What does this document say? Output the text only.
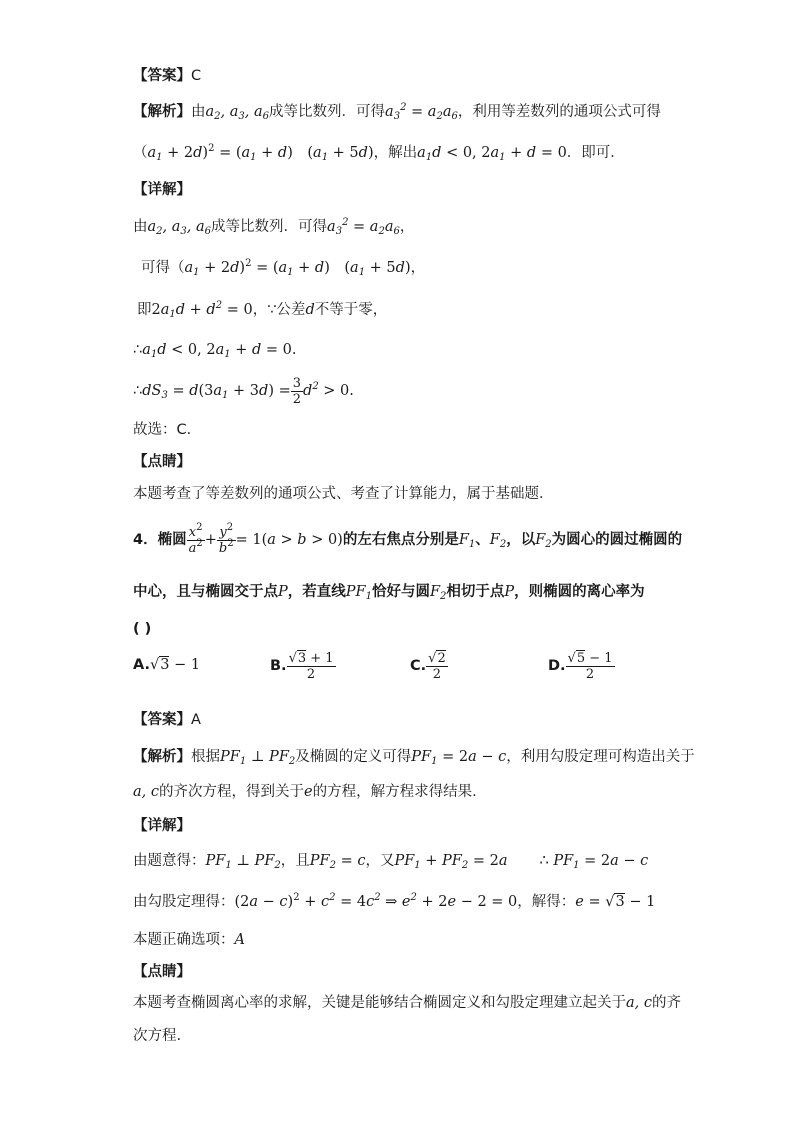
【答案】C
【解析】由$a_2$, $a_3$, $a_6$成等比数列．可得$a_3^2 = a_2a_6$，利用等差数列的通项公式可得
$(a_1 + 2d)^2 = (a_1 + d)$　$(a_1 + 5d)$，解出$a_1d < 0$, $2a_1 + d = 0$．即可．
【详解】
由$a_2$, $a_3$, $a_6$成等比数列．可得$a_3^2 = a_2a_6$，
可得$(a_1 + 2d)^2 = (a_1 + d)$　$(a_1 + 5d)$，
即$2a_1d + d^2 = 0$，∵公差d不等于零，
$\therefore a_1d < 0$, $2a_1 + d = 0$.
$\therefore dS_3 = d(3a_1 + 3d) = \frac{3}{2} d^2 > 0$.
故选：C．
【点睛】
本题考查了等差数列的通项公式、考查了计算能力，属于基础题．
4．椭圆 $\frac{x^2}{a^2} + \frac{y^2}{b^2} = 1(a > b > 0)$的左右焦点分别是$F_1$、$F_2$，以$F_2$为圆心的圆过椭圆的
中心，且与椭圆交于点P，若直线$PF_1$恰好与圆$F_2$相切于点P，则椭圆的离心率为
( )
A.√3 − 1	B. $\frac{√3 + 1}{2}$	C. $\frac{√2}{2}$	D. $\frac{√5 - 1}{2}$
【答案】A
【解析】根据$PF_1$ ⊥ $PF_2$及椭圆的定义可得$PF_1 = 2a - c$，利用勾股定理可构造出关于
a, c的齐次方程，得到关于e的方程，解方程求得结果.
【详解】
由题意得：$PF_1$ ⊥ $PF_2$，且$PF_2 = c$，又$PF_1 + PF_2 = 2a$ ∴ $PF_1 = 2a - c$
由勾股定理得：$(2a - c)^2 + c^2 = 4c^2$ ⇒ $e^2 + 2e - 2 = 0$，解得：e = √3 − 1
本题正确选项：A
【点睛】
本题考查椭圆离心率的求解，关键是能够结合椭圆定义和勾股定理建立起关于a, c的齐
次方程.
